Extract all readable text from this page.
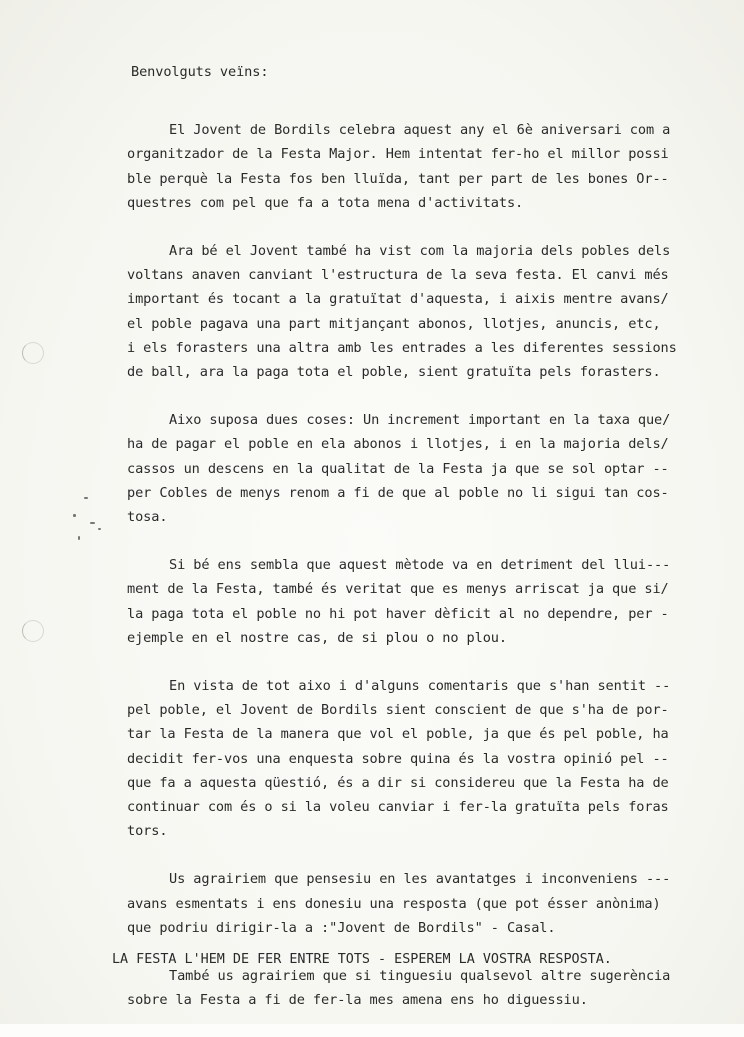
Benvolguts veïns:
El Jovent de Bordils celebra aquest any el 6è aniversari com a
organitzador de la Festa Major. Hem intentat fer-ho el millor possi
ble perquè la Festa fos ben lluïda, tant per part de les bones Or--
questres com pel que fa a tota mena d'activitats.
Ara bé el Jovent també ha vist com la majoria dels pobles dels
voltans anaven canviant l'estructura de la seva festa. El canvi més
important és tocant a la gratuïtat d'aquesta, i aixis mentre avans/
el poble pagava una part mitjançant abonos, llotjes, anuncis, etc,
i els forasters una altra amb les entrades a les diferentes sessions
de ball, ara la paga tota el poble, sient gratuïta pels forasters.
Aixo suposa dues coses: Un increment important en la taxa que/
ha de pagar el poble en ela abonos i llotjes, i en la majoria dels/
cassos un descens en la qualitat de la Festa ja que se sol optar --
per Cobles de menys renom a fi de que al poble no li sigui tan cos-
tosa.
Si bé ens sembla que aquest mètode va en detriment del llui---
ment de la Festa, també és veritat que es menys arriscat ja que si/
la paga tota el poble no hi pot haver dèficit al no dependre, per -
ejemple en el nostre cas, de si plou o no plou.
En vista de tot aixo i d'alguns comentaris que s'han sentit --
pel poble, el Jovent de Bordils sient conscient de que s'ha de por-
tar la Festa de la manera que vol el poble, ja que és pel poble, ha
decidit fer-vos una enquesta sobre quina és la vostra opinió pel --
que fa a aquesta qüestió, és a dir si considereu que la Festa ha de
continuar com és o si la voleu canviar i fer-la gratuïta pels foras
tors.
Us agrairiem que pensesiu en les avantatges i inconveniens ---
avans esmentats i ens donesiu una resposta (que pot ésser anònima)
que podriu dirigir-la a :"Jovent de Bordils" - Casal.
També us agrairiem que si tinguesiu qualsevol altre sugerència
sobre la Festa a fi de fer-la mes amena ens ho diguessiu.
LA FESTA L'HEM DE FER ENTRE TOTS - ESPEREM LA VOSTRA RESPOSTA.
